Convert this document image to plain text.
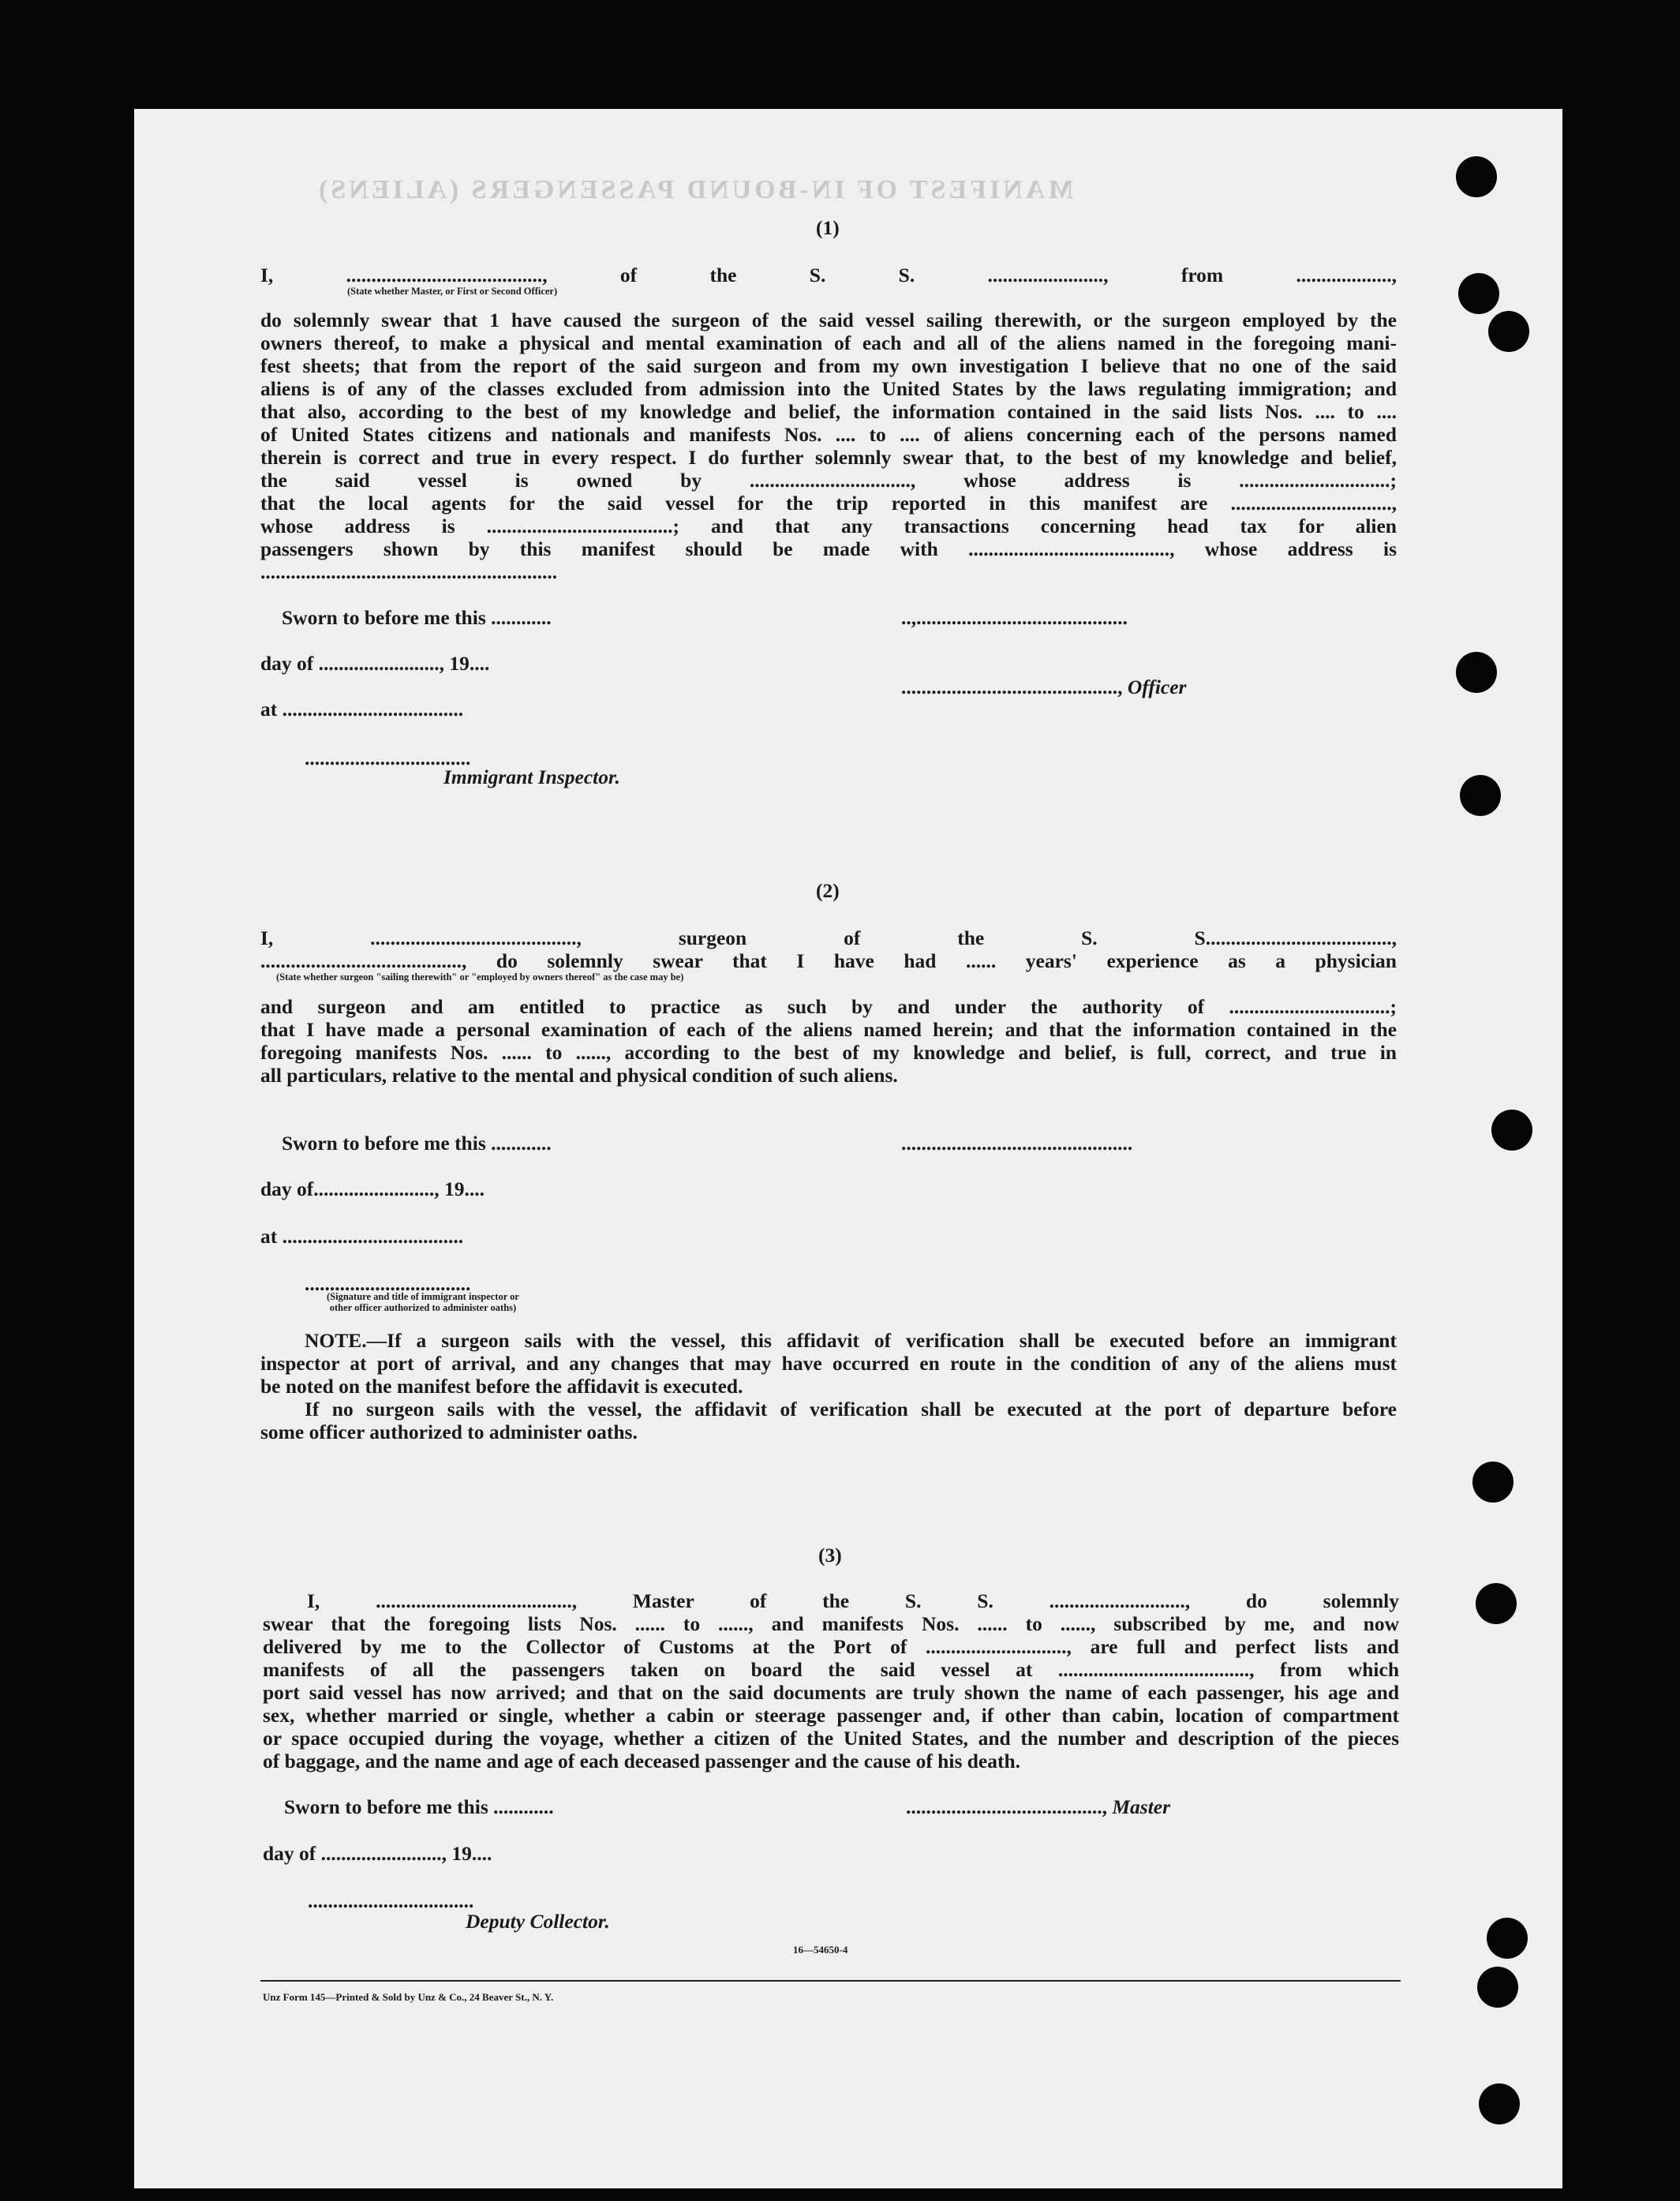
MANIFEST OF IN-BOUND PASSENGERS (ALIENS)
(1)
I, ......................................., of the S. S. ......................., from ...................,
(State whether Master, or First or Second Officer)
do solemnly swear that 1 have caused the surgeon of the said vessel sailing therewith, or the surgeon employed by the
owners thereof, to make a physical and mental examination of each and all of the aliens named in the foregoing mani-
fest sheets; that from the report of the said surgeon and from my own investigation I believe that no one of the said
aliens is of any of the classes excluded from admission into the United States by the laws regulating immigration; and
that also, according to the best of my knowledge and belief, the information contained in the said lists Nos. .... to ....
of United States citizens and nationals and manifests Nos. .... to .... of aliens concerning each of the persons named
therein is correct and true in every respect. I do further solemnly swear that, to the best of my knowledge and belief,
the said vessel is owned by ................................, whose address is ..............................;
that the local agents for the said vessel for the trip reported in this manifest are ................................,
whose address is .....................................; and that any transactions concerning head tax for alien
passengers shown by this manifest should be made with ........................................, whose address is
...........................................................
Sworn to before me this ............	..,..........................................
day of ........................, 19....
..........................................., Officer
at ....................................
.................................
Immigrant Inspector.
(2)
I, ........................................., surgeon of the S. S.....................................,
........................................, do solemnly swear that I have had ...... years' experience as a physician
(State whether surgeon "sailing therewith" or "employed by owners thereof" as the case may be)
and surgeon and am entitled to practice as such by and under the authority of ................................;
that I have made a personal examination of each of the aliens named herein; and that the information contained in the
foregoing manifests Nos. ...... to ......, according to the best of my knowledge and belief, is full, correct, and true in
all particulars, relative to the mental and physical condition of such aliens.
Sworn to before me this ............	..............................................
day of........................, 19....
at ....................................
.................................
(Signature and title of immigrant inspector or
other officer authorized to administer oaths)
NOTE.—If a surgeon sails with the vessel, this affidavit of verification shall be executed before an immigrant
inspector at port of arrival, and any changes that may have occurred en route in the condition of any of the aliens must
be noted on the manifest before the affidavit is executed.
If no surgeon sails with the vessel, the affidavit of verification shall be executed at the port of departure before
some officer authorized to administer oaths.
(3)
I, ......................................., Master of the S. S. ..........................., do solemnly
swear that the foregoing lists Nos. ...... to ......, and manifests Nos. ...... to ......, subscribed by me, and now
delivered by me to the Collector of Customs at the Port of ............................, are full and perfect lists and
manifests of all the passengers taken on board the said vessel at ......................................, from which
port said vessel has now arrived; and that on the said documents are truly shown the name of each passenger, his age and
sex, whether married or single, whether a cabin or steerage passenger and, if other than cabin, location of compartment
or space occupied during the voyage, whether a citizen of the United States, and the number and description of the pieces
of baggage, and the name and age of each deceased passenger and the cause of his death.
Sworn to before me this ............	......................................., Master
day of ........................, 19....
.................................
Deputy Collector.
16—54650-4
Unz Form 145—Printed & Sold by Unz & Co., 24 Beaver St., N. Y.
